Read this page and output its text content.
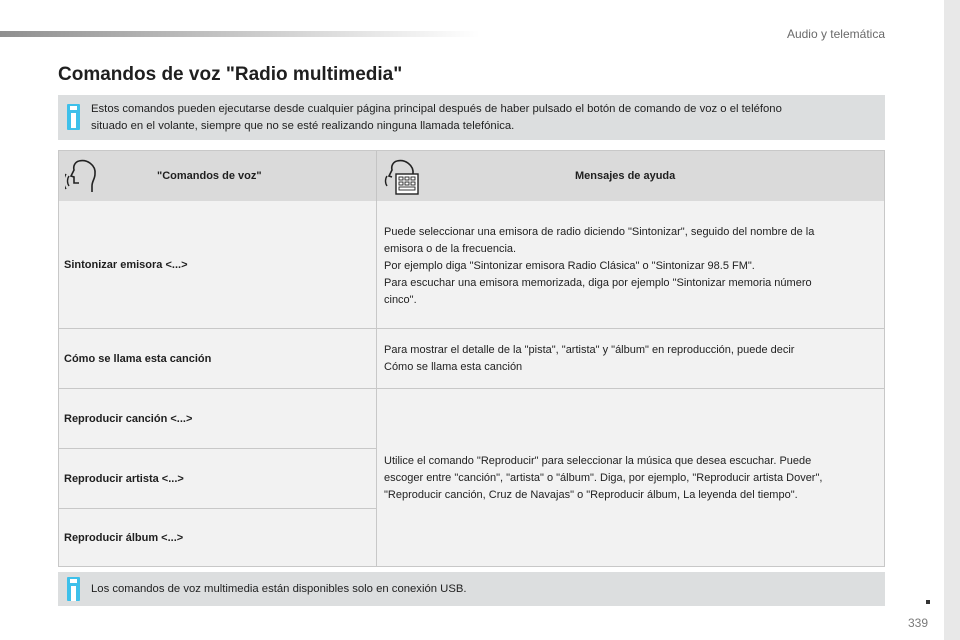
Audio y telemática
Comandos de voz "Radio multimedia"
Estos comandos pueden ejecutarse desde cualquier página principal después de haber pulsado el botón de comando de voz o el teléfono
situado en el volante, siempre que no se esté realizando ninguna llamada telefónica.
"Comandos de voz"	Mensajes de ayuda
Sintonizar emisora <...>
Cómo se llama esta canción
Reproducir canción <...>
Reproducir artista <...>
Reproducir álbum <...>
Puede seleccionar una emisora de radio diciendo "Sintonizar", seguido del nombre de la
emisora o de la frecuencia.
Por ejemplo diga "Sintonizar emisora Radio Clásica" o "Sintonizar 98.5 FM".
Para escuchar una emisora memorizada, diga por ejemplo "Sintonizar memoria número
cinco".
Para mostrar el detalle de la "pista", "artista" y "álbum" en reproducción, puede decir
Cómo se llama esta canción
Utilice el comando "Reproducir" para seleccionar la música que desea escuchar. Puede
escoger entre "canción", "artista" o "álbum". Diga, por ejemplo, "Reproducir artista Dover",
"Reproducir canción, Cruz de Navajas" o "Reproducir álbum, La leyenda del tiempo".
Los comandos de voz multimedia están disponibles solo en conexión USB.
339
